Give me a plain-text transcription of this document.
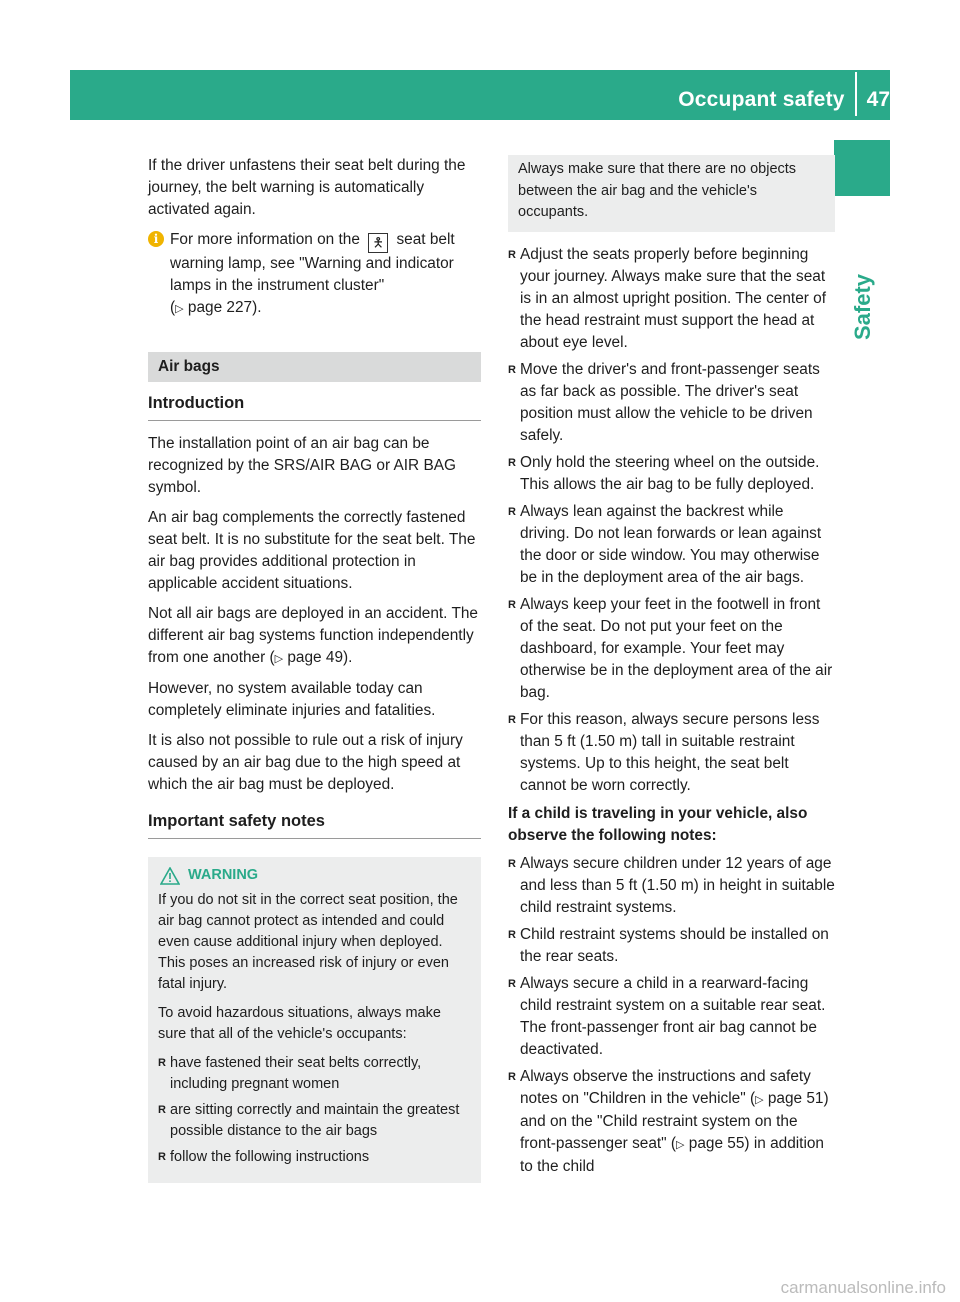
Occupant safety 47
Safety

If the driver unfastens their seat belt during the journey, the belt warning is automatically activated again.

i For more information on the 🯅 seat belt warning lamp, see "Warning and indicator lamps in the instrument cluster"
(▷ page 227).
Air bags
Introduction

The installation point of an air bag can be recognized by the SRS/AIR BAG or AIR BAG symbol.

An air bag complements the correctly fastened seat belt. It is no substitute for the seat belt. The air bag provides additional protection in applicable accident situations.

Not all air bags are deployed in an accident. The different air bag systems function independently from one another (▷ page 49).

However, no system available today can completely eliminate injuries and fatalities.

It is also not possible to rule out a risk of injury caused by an air bag due to the high speed at which the air bag must be deployed.

Important safety notes
WARNING

If you do not sit in the correct seat position, the air bag cannot protect as intended and could even cause additional injury when deployed. This poses an increased risk of injury or even fatal injury.

To avoid hazardous situations, always make sure that all of the vehicle's occupants:

R have fastened their seat belts correctly, including pregnant women
R are sitting correctly and maintain the greatest possible distance to the air bags
R follow the following instructions
Always make sure that there are no objects between the air bag and the vehicle's occupants.
R Adjust the seats properly before beginning your journey. Always make sure that the seat is in an almost upright position. The center of the head restraint must support the head at about eye level.
R Move the driver's and front-passenger seats as far back as possible. The driver's seat position must allow the vehicle to be driven safely.
R Only hold the steering wheel on the outside. This allows the air bag to be fully deployed.
R Always lean against the backrest while driving. Do not lean forwards or lean against the door or side window. You may otherwise be in the deployment area of the air bags.
R Always keep your feet in the footwell in front of the seat. Do not put your feet on the dashboard, for example. Your feet may otherwise be in the deployment area of the air bag.
R For this reason, always secure persons less than 5 ft (1.50 m) tall in suitable restraint systems. Up to this height, the seat belt cannot be worn correctly.
If a child is traveling in your vehicle, also observe the following notes:
R Always secure children under 12 years of age and less than 5 ft (1.50 m) in height in suitable child restraint systems.
R Child restraint systems should be installed on the rear seats.
R Always secure a child in a rearward-facing child restraint system on a suitable rear seat. The front-passenger front air bag cannot be deactivated.
R Always observe the instructions and safety notes on "Children in the vehicle" (▷ page 51) and on the "Child restraint system on the front-passenger seat" (▷ page 55) in addition to the child
carmanualsonline.info
